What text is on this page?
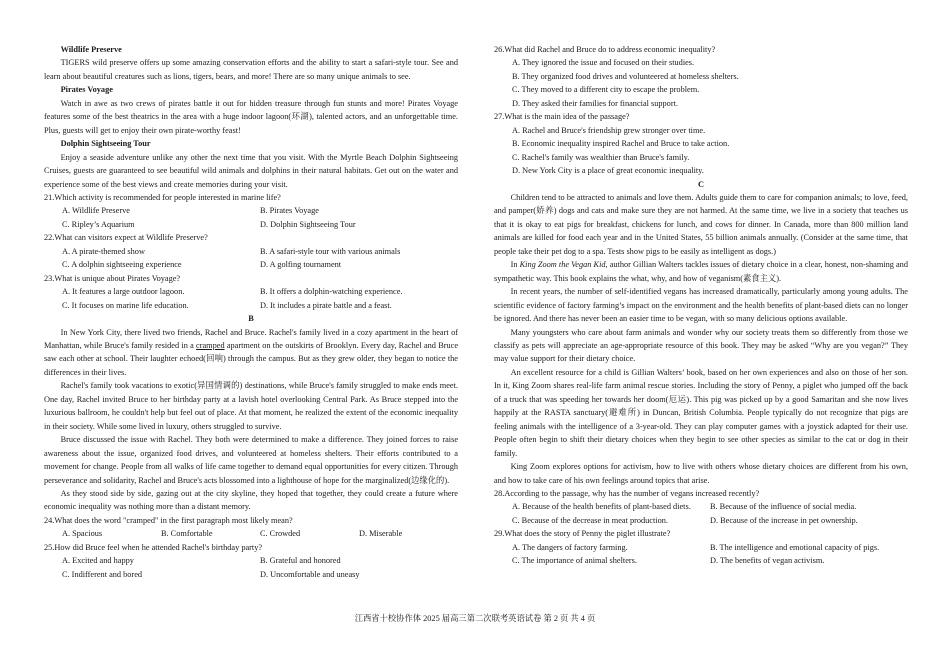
Wildlife Preserve

TIGERS wild preserve offers up some amazing conservation efforts and the ability to start a safari-style tour. See and learn about beautiful creatures such as lions, tigers, bears, and more! There are so many unique animals to see.

Pirates Voyage

Watch in awe as two crews of pirates battle it out for hidden treasure through fun stunts and more! Pirates Voyage features some of the best theatrics in the area with a huge indoor lagoon(环湖), talented actors, and an unforgettable time. Plus, guests will get to enjoy their own pirate-worthy feast!

Dolphin Sightseeing Tour

Enjoy a seaside adventure unlike any other the next time that you visit. With the Myrtle Beach Dolphin Sightseeing Cruises, guests are guaranteed to see beautiful wild animals and dolphins in their natural habitats. Get out on the water and experience some of the best views and create memories during your visit.

21.Which activity is recommended for people interested in marine life?

A. Wildlife Preserve	B. Pirates Voyage
C. Ripley’s Aquarium	D. Dolphin Sightseeing Tour

22.What can visitors expect at Wildlife Preserve?

A. A pirate-themed show	B. A safari-style tour with various animals
C. A dolphin sightseeing experience	D. A golfing tournament

23.What is unique about Pirates Voyage?

A. It features a large outdoor lagoon.	B. It offers a dolphin-watching experience.
C. It focuses on marine life education.	D. It includes a pirate battle and a feast.

B

In New York City, there lived two friends, Rachel and Bruce. Rachel's family lived in a cozy apartment in the heart of Manhattan, while Bruce's family resided in a cramped apartment on the outskirts of Brooklyn. Every day, Rachel and Bruce saw each other at school. Their laughter echoed(回响) through the campus. But as they grew older, they began to notice the differences in their lives.

Rachel's family took vacations to exotic(异国情调的) destinations, while Bruce's family struggled to make ends meet. One day, Rachel invited Bruce to her birthday party at a lavish hotel overlooking Central Park. As Bruce stepped into the luxurious ballroom, he couldn't help but feel out of place. At that moment, he realized the extent of the economic inequality in their society. While some lived in luxury, others struggled to survive.

Bruce discussed the issue with Rachel. They both were determined to make a difference. They joined forces to raise awareness about the issue, organized food drives, and volunteered at homeless shelters. Their efforts contributed to a movement for change. People from all walks of life came together to demand equal opportunities for every citizen. Through perseverance and solidarity, Rachel and Bruce's acts blossomed into a lighthouse of hope for the marginalized(边缘化的).

As they stood side by side, gazing out at the city skyline, they hoped that together, they could create a future where economic inequality was nothing more than a distant memory.

24.What does the word "cramped" in the first paragraph most likely mean?

A. Spacious	B. Comfortable	C. Crowded	D. Miserable

25.How did Bruce feel when he attended Rachel's birthday party?

A. Excited and happy	B. Grateful and honored
C. Indifferent and bored	D. Uncomfortable and uneasy

26.What did Rachel and Bruce do to address economic inequality?

A. They ignored the issue and focused on their studies.

B. They organized food drives and volunteered at homeless shelters.

C. They moved to a different city to escape the problem.

D. They asked their families for financial support.

27.What is the main idea of the passage?

A. Rachel and Bruce's friendship grew stronger over time.

B. Economic inequality inspired Rachel and Bruce to take action.

C. Rachel's family was wealthier than Bruce's family.

D. New York City is a place of great economic inequality.

C

Children tend to be attracted to animals and love them. Adults guide them to care for companion animals; to love, feed, and pamper(娇养) dogs and cats and make sure they are not harmed. At the same time, we live in a society that teaches us that it is okay to eat pigs for breakfast, chickens for lunch, and cows for dinner. In Canada, more than 800 million land animals are killed for food each year and in the United States, 55 billion animals annually. (Consider at the same time, that people take their pet dog to a spa. Tests show pigs to be easily as intelligent as dogs.)

In King Zoom the Vegan Kid, author Gillian Walters tackles issues of dietary choice in a clear, honest, non-shaming and sympathetic way. This book explains the what, why, and how of veganism(素食主义).

In recent years, the number of self-identified vegans has increased dramatically, particularly among young adults. The scientific evidence of factory farming’s impact on the environment and the health benefits of plant-based diets can no longer be ignored. And there has never been an easier time to be vegan, with so many delicious options available.

Many youngsters who care about farm animals and wonder why our society treats them so differently from those we classify as pets will appreciate an age-appropriate resource of this book. They may be asked “Why are you vegan?” They may value support for their dietary choice.

An excellent resource for a child is Gillian Walters’ book, based on her own experiences and also on those of her son. In it, King Zoom shares real-life farm animal rescue stories. Including the story of Penny, a piglet who jumped off the back of a truck that was speeding her towards her doom(厄运). This pig was picked up by a good Samaritan and she now lives happily at the RASTA sanctuary(避难所) in Duncan, British Columbia. People typically do not recognize that pigs are feeling animals with the intelligence of a 3-year-old. They can play computer games with a joystick adapted for their use. People often begin to shift their dietary choices when they begin to see other species as similar to the cat or dog in their family.

King Zoom explores options for activism, how to live with others whose dietary choices are different from his own, and how to take care of his own feelings around topics that arise.

28.According to the passage, why has the number of vegans increased recently?

A. Because of the health benefits of plant-based diets.	B. Because of the influence of social media.
C. Because of the decrease in meat production.	D. Because of the increase in pet ownership.

29.What does the story of Penny the piglet illustrate?

A. The dangers of factory farming.	B. The intelligence and emotional capacity of pigs.
C. The importance of animal shelters.	D. The benefits of vegan activism.
江西省十校协作体 2025 届高三第二次联考英语试卷 第 2 页 共 4 页
